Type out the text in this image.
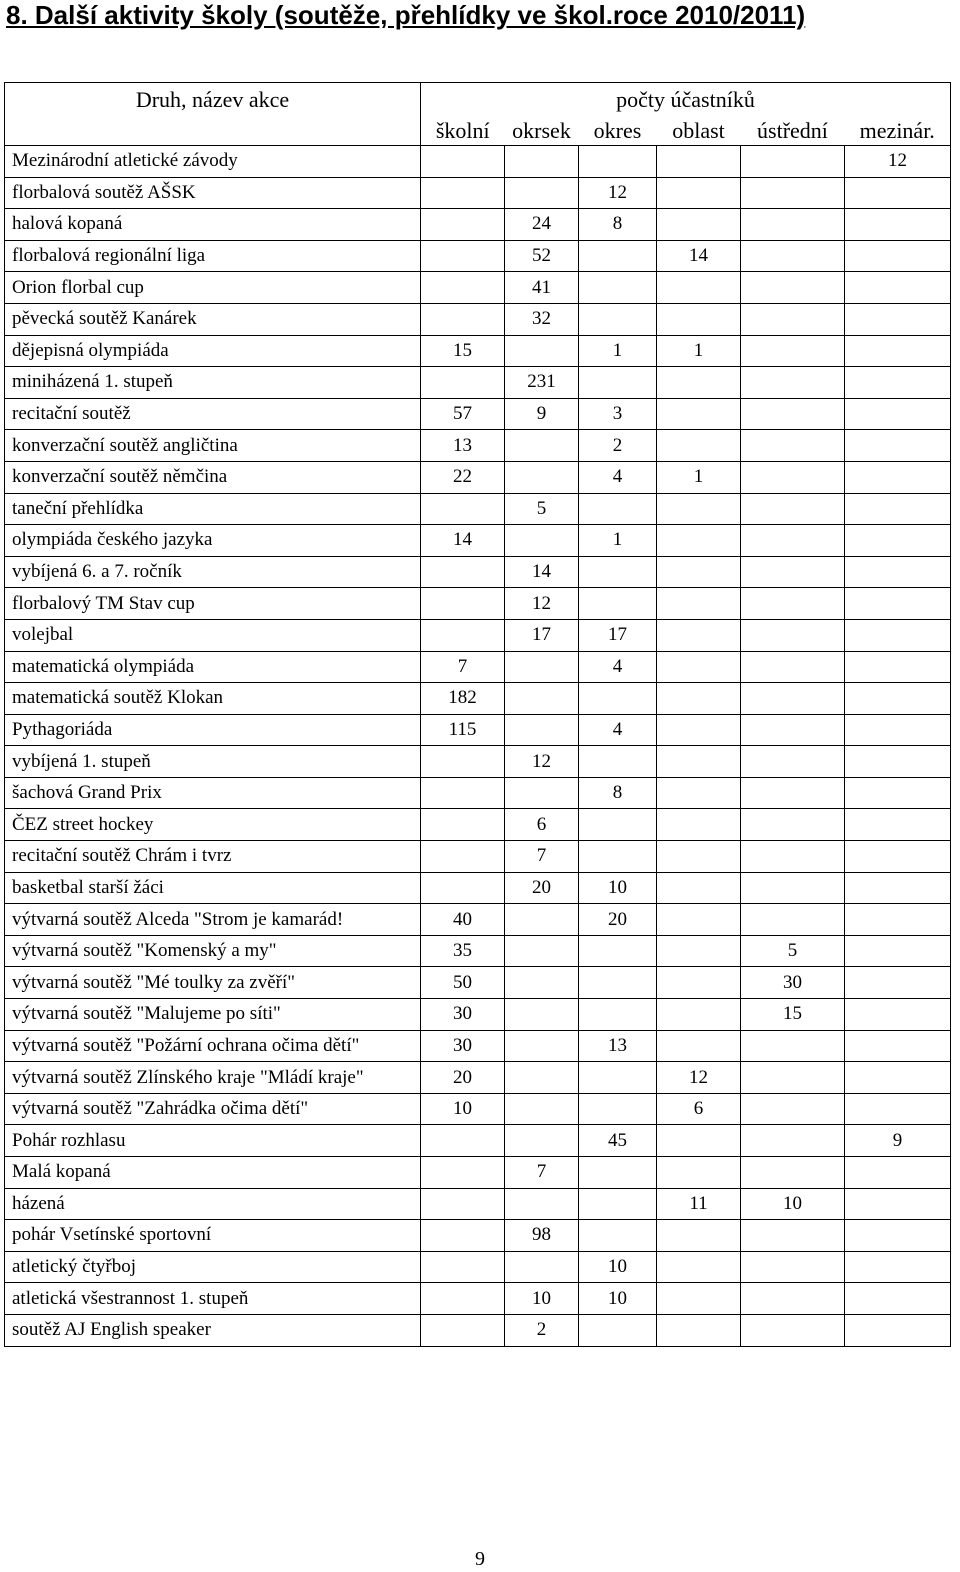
8. Další aktivity školy (soutěže, přehlídky ve škol.roce 2010/2011)
Druh, název akce	počty účastníků					
	školní	okrsek	okres	oblast	ústřední	mezinár.
Mezinárodní atletické závody						12
florbalová soutěž AŠSK			12			
halová kopaná		24	8			
florbalová regionální liga		52		14		
Orion florbal cup		41				
pěvecká soutěž Kanárek		32				
dějepisná olympiáda	15		1	1		
miniházená 1. stupeň		231				
recitační soutěž	57	9	3			
konverzační soutěž angličtina	13		2			
konverzační soutěž němčina	22		4	1		
taneční přehlídka		5				
olympiáda českého jazyka	14		1			
vybíjená 6. a 7. ročník		14				
florbalový TM Stav cup		12				
volejbal		17	17			
matematická olympiáda	7		4			
matematická soutěž Klokan	182					
Pythagoriáda	115		4			
vybíjená 1. stupeň		12				
šachová Grand Prix			8			
ČEZ street hockey		6				
recitační soutěž Chrám i tvrz		7				
basketbal starší žáci		20	10			
výtvarná soutěž Alceda "Strom je kamarád!	40		20			
výtvarná soutěž "Komenský a my"	35				5	
výtvarná soutěž "Mé toulky za zvěří"	50				30	
výtvarná soutěž "Malujeme po síti"	30				15	
výtvarná soutěž "Požární ochrana očima dětí"	30		13			
výtvarná soutěž Zlínského kraje "Mládí kraje"	20			12		
výtvarná soutěž "Zahrádka očima dětí"	10			6		
Pohár rozhlasu			45			9
Malá kopaná		7				
házená				11	10	
pohár Vsetínské sportovní		98				
atletický čtyřboj			10			
atletická všestrannost 1. stupeň		10	10			
soutěž AJ English speaker		2				
9
